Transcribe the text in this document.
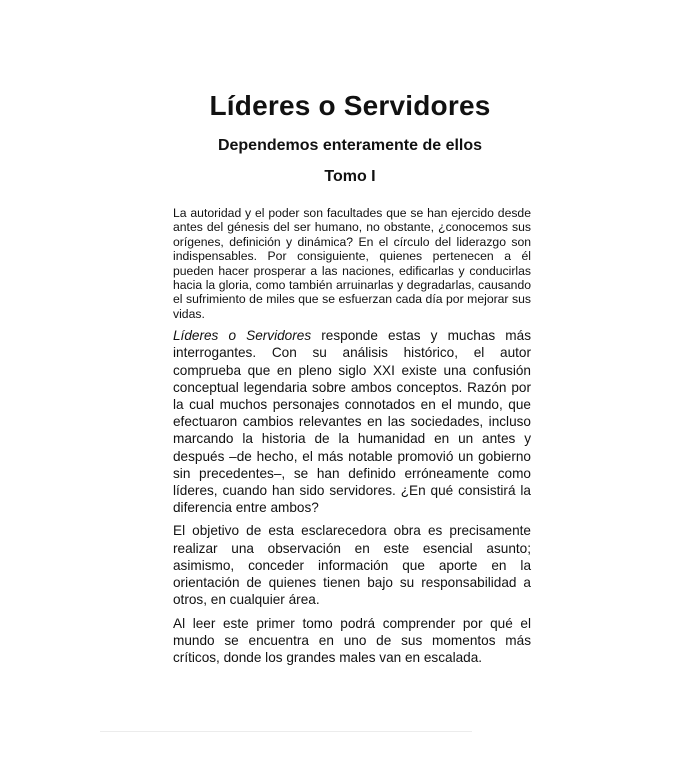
Líderes o Servidores
Dependemos enteramente de ellos
Tomo I

La autoridad y el poder son facultades que se han ejercido desde antes del génesis del ser humano, no obstante, ¿conocemos sus orígenes, definición y dinámica? En el círculo del liderazgo son indispensables. Por consiguiente, quienes pertenecen a él pueden hacer prosperar a las naciones, edificarlas y conducirlas hacia la gloria, como también arruinarlas y degradarlas, causando el sufrimiento de miles que se esfuerzan cada día por mejorar sus vidas.

Líderes o Servidores responde estas y muchas más interrogantes. Con su análisis histórico, el autor comprueba que en pleno siglo XXI existe una confusión conceptual legendaria sobre ambos conceptos. Razón por la cual muchos personajes connotados en el mundo, que efectuaron cambios relevantes en las sociedades, incluso marcando la historia de la humanidad en un antes y después –de hecho, el más notable promovió un gobierno sin precedentes–, se han definido erróneamente como líderes, cuando han sido servidores. ¿En qué consistirá la diferencia entre ambos?

El objetivo de esta esclarecedora obra es precisamente realizar una observación en este esencial asunto; asimismo, conceder información que aporte en la orientación de quienes tienen bajo su responsabilidad a otros, en cualquier área.

Al leer este primer tomo podrá comprender por qué el mundo se encuentra en uno de sus momentos más críticos, donde los grandes males van en escalada.
